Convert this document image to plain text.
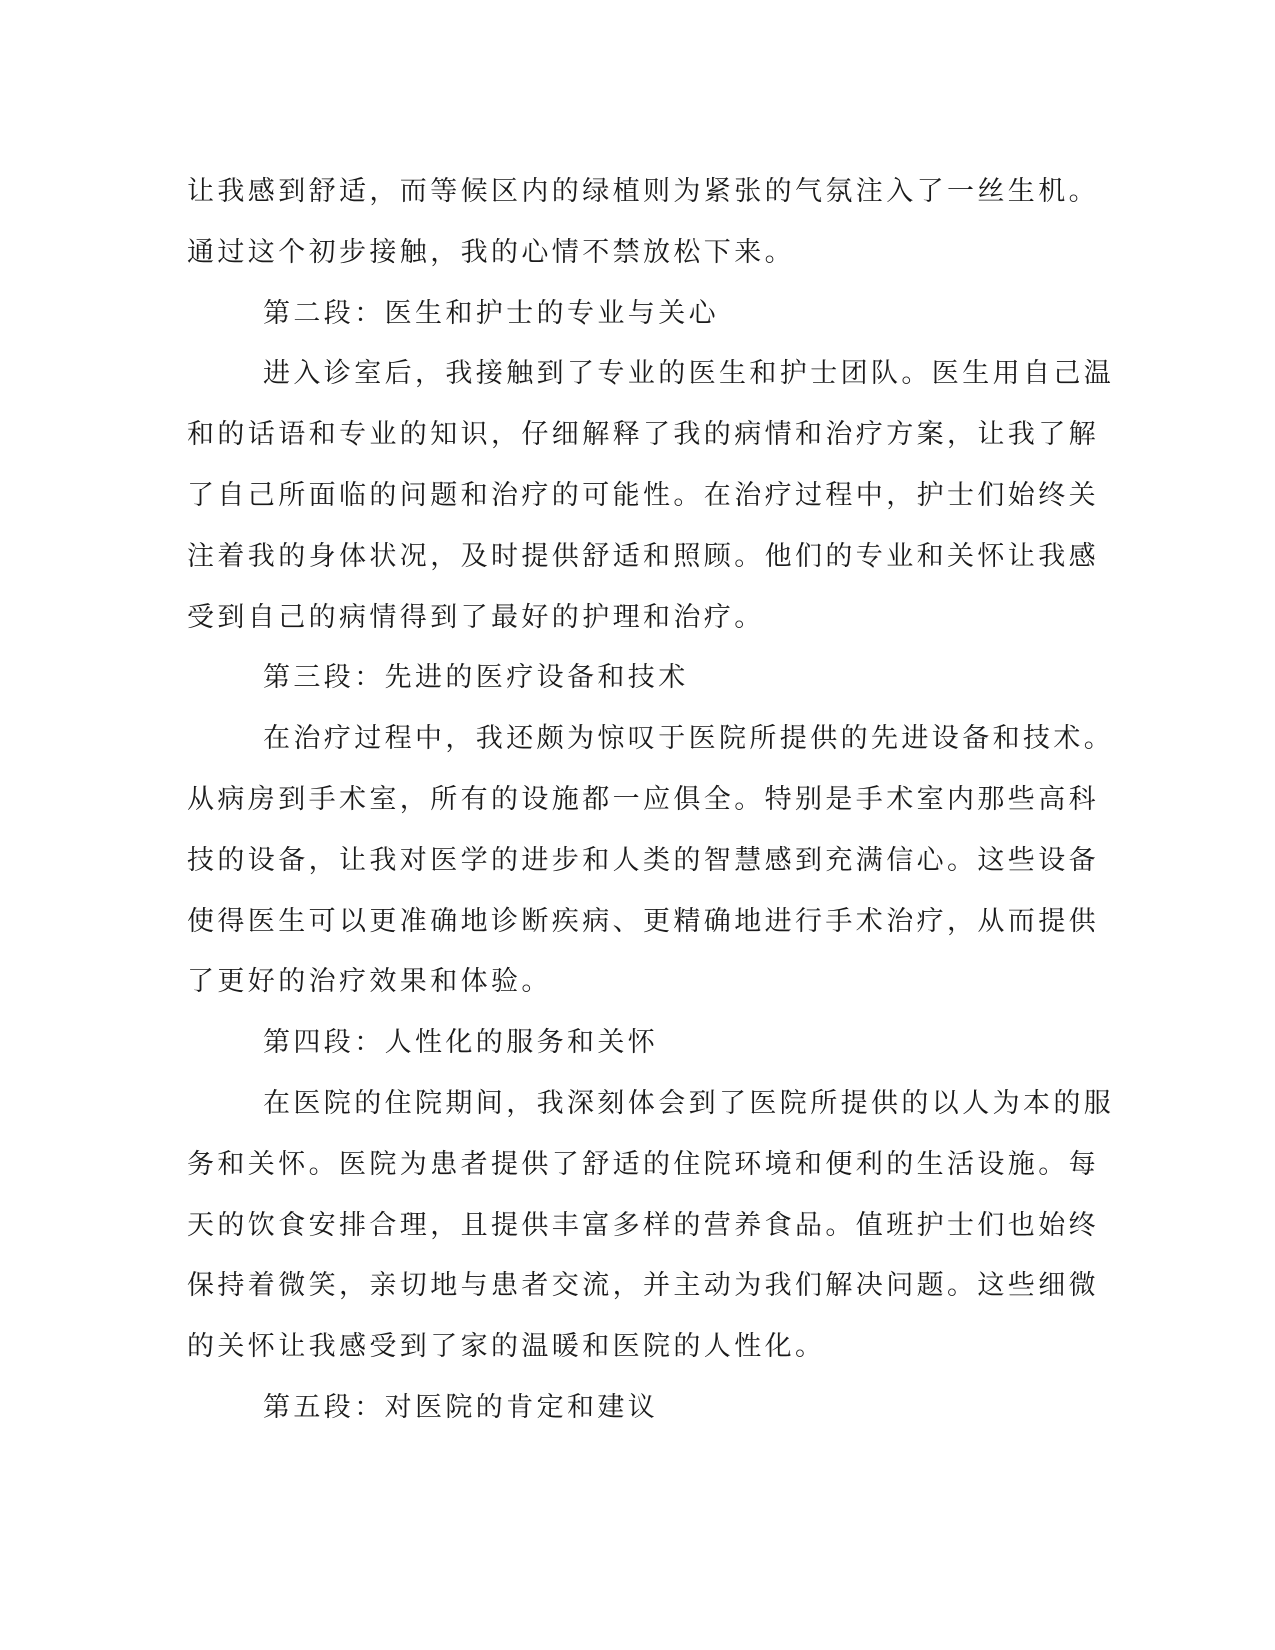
让我感到舒适，而等候区内的绿植则为紧张的气氛注入了一丝生机。
通过这个初步接触，我的心情不禁放松下来。
第二段：医生和护士的专业与关心
进入诊室后，我接触到了专业的医生和护士团队。医生用自己温
和的话语和专业的知识，仔细解释了我的病情和治疗方案，让我了解
了自己所面临的问题和治疗的可能性。在治疗过程中，护士们始终关
注着我的身体状况，及时提供舒适和照顾。他们的专业和关怀让我感
受到自己的病情得到了最好的护理和治疗。
第三段：先进的医疗设备和技术
在治疗过程中，我还颇为惊叹于医院所提供的先进设备和技术。
从病房到手术室，所有的设施都一应俱全。特别是手术室内那些高科
技的设备，让我对医学的进步和人类的智慧感到充满信心。这些设备
使得医生可以更准确地诊断疾病、更精确地进行手术治疗，从而提供
了更好的治疗效果和体验。
第四段：人性化的服务和关怀
在医院的住院期间，我深刻体会到了医院所提供的以人为本的服
务和关怀。医院为患者提供了舒适的住院环境和便利的生活设施。每
天的饮食安排合理，且提供丰富多样的营养食品。值班护士们也始终
保持着微笑，亲切地与患者交流，并主动为我们解决问题。这些细微
的关怀让我感受到了家的温暖和医院的人性化。
第五段：对医院的肯定和建议
